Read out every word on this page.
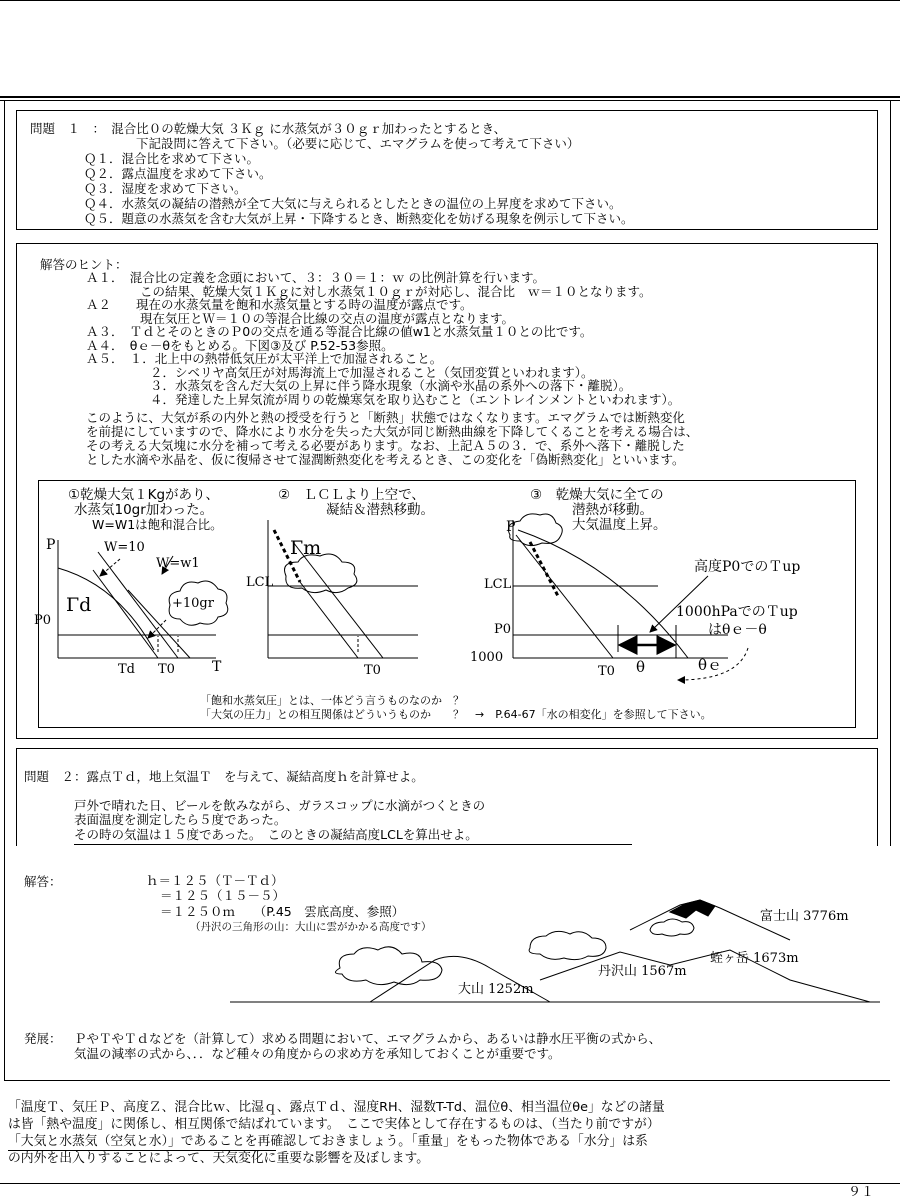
問題　１　：　混合比０の乾燥大気 ３Ｋｇ に水蒸気が３０ｇｒ加わったとするとき、
下記設問に答えて下さい。（必要に応じて、エマグラムを使って考えて下さい）
Ｑ１．混合比を求めて下さい。
Ｑ２．露点温度を求めて下さい。
Ｑ３．湿度を求めて下さい。
Ｑ４．水蒸気の凝結の潜熱が全て大気に与えられるとしたときの温位の上昇度を求めて下さい。
Ｑ５．題意の水蒸気を含む大気が上昇・下降するとき、断熱変化を妨げる現象を例示して下さい。
解答のヒント：
Ａ１．　混合比の定義を念頭において、３：３０＝１：ｗ の比例計算を行います。
この結果、乾燥大気１Ｋｇに対し水蒸気１０ｇｒが対応し、混合比　ｗ＝１０となります。
Ａ２　　現在の水蒸気量を飽和水蒸気量とする時の温度が露点です。
現在気圧とＷ＝１０の等混合比線の交点の温度が露点となります。
Ａ３．　ＴｄとそのときのＰ0の交点を通る等混合比線の値w1と水蒸気量１０との比です。
Ａ４．　θｅ－θをもとめる。下図③及び P.52-53参照。
Ａ５．　１．北上中の熱帯低気圧が太平洋上で加湿されること。
２．シベリヤ高気圧が対馬海流上で加湿されること（気団変質といわれます）。
３．水蒸気を含んだ大気の上昇に伴う降水現象（水滴や氷晶の系外への落下・離脱）。
４．発達した上昇気流が周りの乾燥寒気を取り込むこと（エントレインメントといわれます）。
このように、大気が系の内外と熱の授受を行うと「断熱」状態ではなくなります。エマグラムでは断熱変化
を前提にしていますので、降水により水分を失った大気が同じ断熱曲線を下降してくることを考える場合は、
その考える大気塊に水分を補って考える必要があります。なお、上記Ａ５の３．で、系外へ落下・離脱した
とした水滴や氷晶を、仮に復帰させて湿潤断熱変化を考えるとき、この変化を「偽断熱変化」といいます。
①乾燥大気１Kgがあり、
水蒸気10gr加わった。
W=W1は飽和混合比。
②　ＬＣＬより上空で、
凝結＆潜熱移動。
③　乾燥大気に全ての
潜熱が移動。
大気温度上昇。
P	W=10
W=w1
Γd	+10gr
P0
Td T0	T
Γm
LCL
T0
P
LCL
P0
1000
T0 θ	θｅ
高度P0でのＴup
1000hPaでのＴup
はθｅ－θ
「飽和水蒸気圧」とは、一体どう言うものなのか　？
「大気の圧力」との相互関係はどういうものか　　？　→　P.64-67「水の相変化」を参照して下さい。
問題　２：露点Ｔｄ，地上気温Ｔ　を与えて、凝結高度ｈを計算せよ。
戸外で晴れた日、ビールを飲みながら、ガラスコップに水滴がつくときの
表面温度を測定したら５度であった。
その時の気温は１５度であった。　このときの凝結高度LCLを算出せよ。
解答：	ｈ＝１２５（Ｔ－Ｔｄ）
＝１２５（１５－５）
＝１２５０ｍ　　（P.45　雲底高度、参照）
（丹沢の三角形の山：大山に雲がかかる高度です）
富士山 3776m
蛭ヶ岳 1673m
丹沢山 1567m
大山 1252m
発展： ＰやＴやＴｄなどを（計算して）求める問題において、エマグラムから、あるいは静水圧平衡の式から、
気温の減率の式から、．．など種々の角度からの求め方を承知しておくことが重要です。
「温度Ｔ、気圧Ｐ、高度Ｚ、混合比ｗ、比湿ｑ、露点Ｔｄ、湿度RH、湿数T-Td、温位θ、相当温位θe」などの諸量
は皆「熱や温度」に関係し、相互関係で結ばれています。　ここで実体として存在するものは、（当たり前ですが）
「大気と水蒸気（空気と水）」であることを再確認しておきましょう。「重量」をもった物体である「水分」は系
の内外を出入りすることによって、天気変化に重要な影響を及ぼします。
９１
